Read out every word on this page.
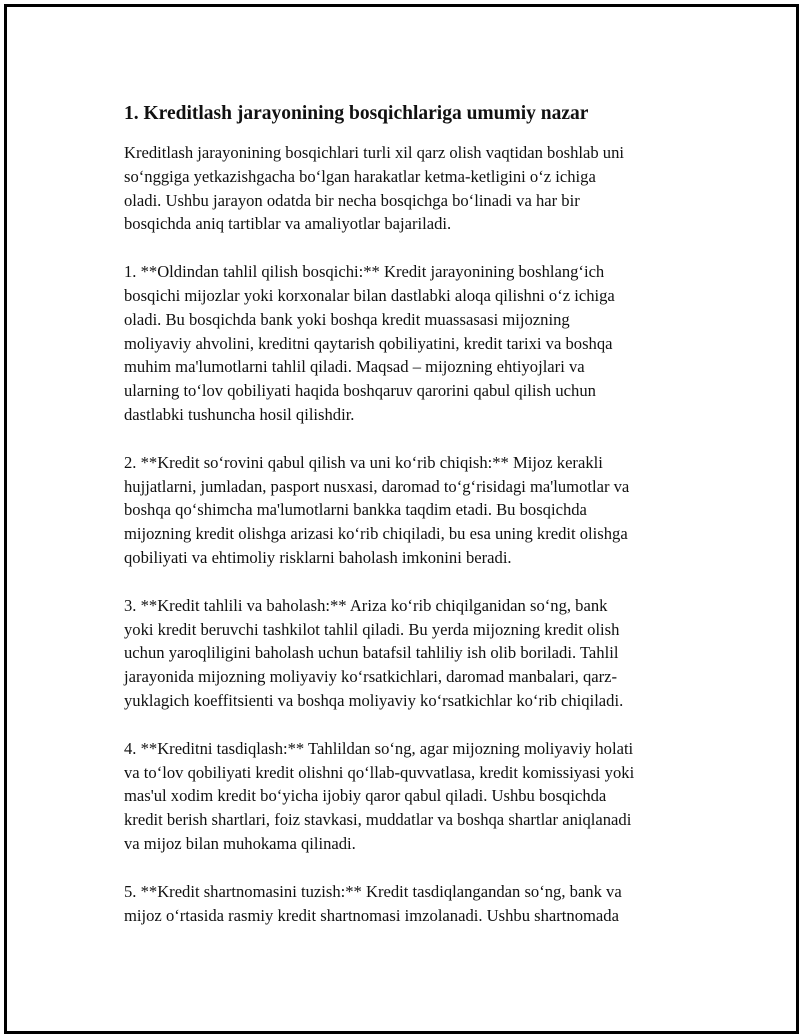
1. Kreditlash jarayonining bosqichlariga umumiy nazar

Kreditlash jarayonining bosqichlari turli xil qarz olish vaqtidan boshlab uni
so‘nggiga yetkazishgacha bo‘lgan harakatlar ketma-ketligini o‘z ichiga
oladi. Ushbu jarayon odatda bir necha bosqichga bo‘linadi va har bir
bosqichda aniq tartiblar va amaliyotlar bajariladi.

1. **Oldindan tahlil qilish bosqichi:** Kredit jarayonining boshlang‘ich
bosqichi mijozlar yoki korxonalar bilan dastlabki aloqa qilishni o‘z ichiga
oladi. Bu bosqichda bank yoki boshqa kredit muassasasi mijozning
moliyaviy ahvolini, kreditni qaytarish qobiliyatini, kredit tarixi va boshqa
muhim ma'lumotlarni tahlil qiladi. Maqsad – mijozning ehtiyojlari va
ularning to‘lov qobiliyati haqida boshqaruv qarorini qabul qilish uchun
dastlabki tushuncha hosil qilishdir.

2. **Kredit so‘rovini qabul qilish va uni ko‘rib chiqish:** Mijoz kerakli
hujjatlarni, jumladan, pasport nusxasi, daromad to‘g‘risidagi ma'lumotlar va
boshqa qo‘shimcha ma'lumotlarni bankka taqdim etadi. Bu bosqichda
mijozning kredit olishga arizasi ko‘rib chiqiladi, bu esa uning kredit olishga
qobiliyati va ehtimoliy risklarni baholash imkonini beradi.

3. **Kredit tahlili va baholash:** Ariza ko‘rib chiqilganidan so‘ng, bank
yoki kredit beruvchi tashkilot tahlil qiladi. Bu yerda mijozning kredit olish
uchun yaroqliligini baholash uchun batafsil tahliliy ish olib boriladi. Tahlil
jarayonida mijozning moliyaviy ko‘rsatkichlari, daromad manbalari, qarz-
yuklagich koeffitsienti va boshqa moliyaviy ko‘rsatkichlar ko‘rib chiqiladi.

4. **Kreditni tasdiqlash:** Tahlildan so‘ng, agar mijozning moliyaviy holati
va to‘lov qobiliyati kredit olishni qo‘llab-quvvatlasa, kredit komissiyasi yoki
mas'ul xodim kredit bo‘yicha ijobiy qaror qabul qiladi. Ushbu bosqichda
kredit berish shartlari, foiz stavkasi, muddatlar va boshqa shartlar aniqlanadi
va mijoz bilan muhokama qilinadi.

5. **Kredit shartnomasini tuzish:** Kredit tasdiqlangandan so‘ng, bank va
mijoz o‘rtasida rasmiy kredit shartnomasi imzolanadi. Ushbu shartnomada
